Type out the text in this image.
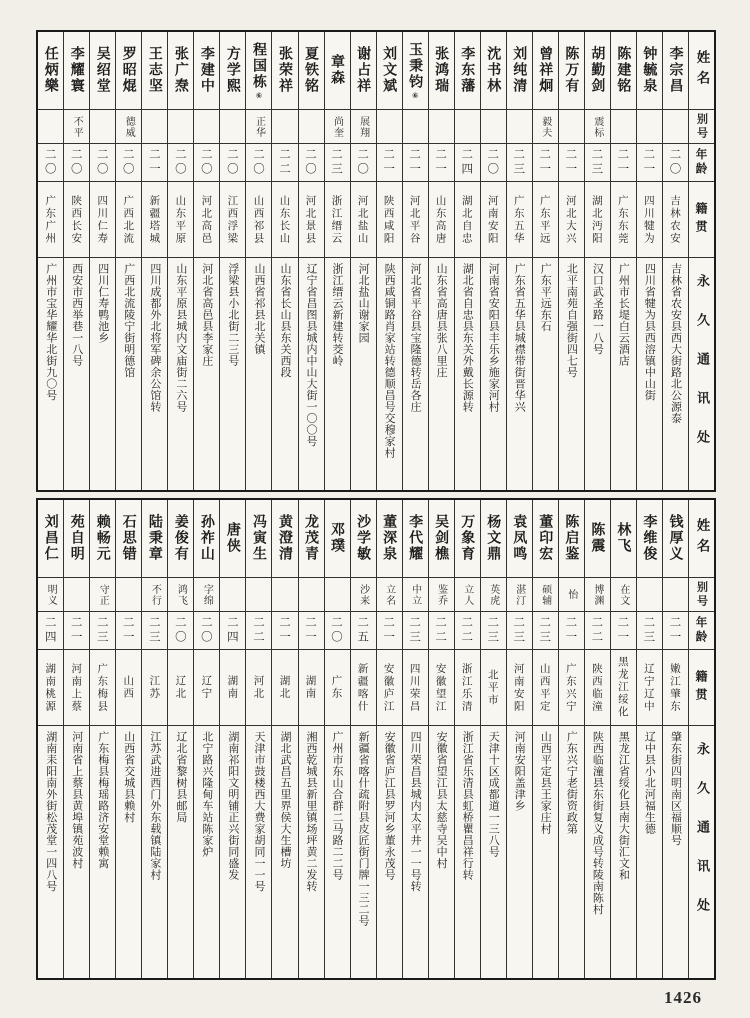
姓名
别号
年龄
籍贯
永久通讯处
李宗昌
二〇
吉林农安
吉林省农安县西大街路北公源泰
钟毓泉
二一
四川犍为
四川省犍为县西溶镇中山街
陈建铭
二一
广东东莞
广州市长堤白云酒店
胡勤剑
震标
二三
湖北沔阳
汉口武圣路一八号
陈万有
二一
河北大兴
北平南苑自强街四七号
曾祥炯
毅夫
二一
广东平远
广东平远东石
刘纯清
二三
广东五华
广东省五华县城襟带街晋华兴
沈书林
二〇
河南安阳
河南省安阳县丰乐乡施家河村
李东藩
二四
湖北自忠
湖北省自忠县东关外戴长源转
张鸿瑞
二一
山东高唐
山东省高唐县张八里庄
玉秉钧
⑥
二一
河北平谷
河北省平谷县宝隆德转岳各庄
刘文斌
二一
陕西咸阳
陕西咸铜路肖家站转德顺昌号交穆家村
谢占祥
展翔
二〇
河北盐山
河北盐山谢家园
章森
尚奎
二三
浙江缙云
浙江缙云新建转茭岭
夏铁铭
二〇
河北景县
辽宁省昌图县城内中山大街一〇〇号
张荣祥
二二
山东长山
山东省长山县东关西段
程国栋
⑥
正华
二〇
山西祁县
山西省祁县北关镇
方学熙
二〇
江西浮梁
浮梁县小北街二三号
李建中
二〇
河北高邑
河北省高邑县李家庄
张广焘
二〇
山东平原
山东平原县城内文庙街二六号
王志坚
二一
新疆塔城
四川成都外北将军碑余公馆转
罗昭焜
德威
二〇
广西北流
广西北流陵宁街明德馆
吴绍堂
二〇
四川仁寿
四川仁寿鸭池乡
李耀寰
不平
二〇
陕西长安
西安市西举巷一八号
任炳樂
二〇
广东广州
广州市宝华耀华北街九〇号
姓名
别号
年龄
籍贯
永久通讯处
钱厚义
二一
嫩江肇东
肇东街四明南区福顺号
李维俊
二三
辽宁辽中
辽中县小北河福生德
林飞
在文
二一
黑龙江绥化
黑龙江省绥化县南大街汇文和
陈震
博渊
二二
陕西临潼
陕西临潼县东街复义成号转陵南陈村
陈启鉴
怡
二一
广东兴宁
广东兴宁老街资政第
董印宏
硕辅
二三
山西平定
山西平定县王家庄村
袁凤鸣
湛汀
二三
河南安阳
河南安阳盖津乡
杨文鼎
英虎
二三
北平市
天津十区成都道一三八号
万象育
立人
二二
浙江乐清
浙江省乐清县虹桥瞿昌祥行转
吴剑樵
鉴乔
二二
安徽望江
安徽省望江县太慈寺吴中村
李代耀
中立
二三
四川荣昌
四川荣昌县城内太平井一一号转
董深泉
立名
二一
安徽庐江
安徽省庐江县罗河乡董永茂号
沙学敏
沙来
二五
新疆喀什
新疆省喀什疏附县皮匠街门牌一三二号
邓璞
二〇
广东
广州市东山合群二马路二二号
龙茂青
二一
湖南
湘西乾城县新里镇场坪黄二发转
黄澄清
二一
湖北
湖北武昌五里界侯大生槽坊
冯寅生
二二
河北
天津市鼓楼西大费家胡同一一号
唐侠
二四
湖南
湖南祁阳文明铺正兴街同盛发
孙祚山
字绵
二〇
辽宁
北宁路兴隆甸车站陈家炉
姜俊有
鸿飞
二〇
辽北
辽北省黎树县邮局
陆秉章
不行
二三
江苏
江苏武进西门外东载镇陆家村
石思错
二一
山西
山西省交城县赖村
赖畅元
守正
二三
广东梅县
广东梅县梅瑶路济安堂赖寓
苑自明
二一
河南上蔡
河南省上蔡县黄埠镇苑波村
刘昌仁
明义
二四
湖南桃源
湖南耒阳南外街松茂堂一四八号
1426
